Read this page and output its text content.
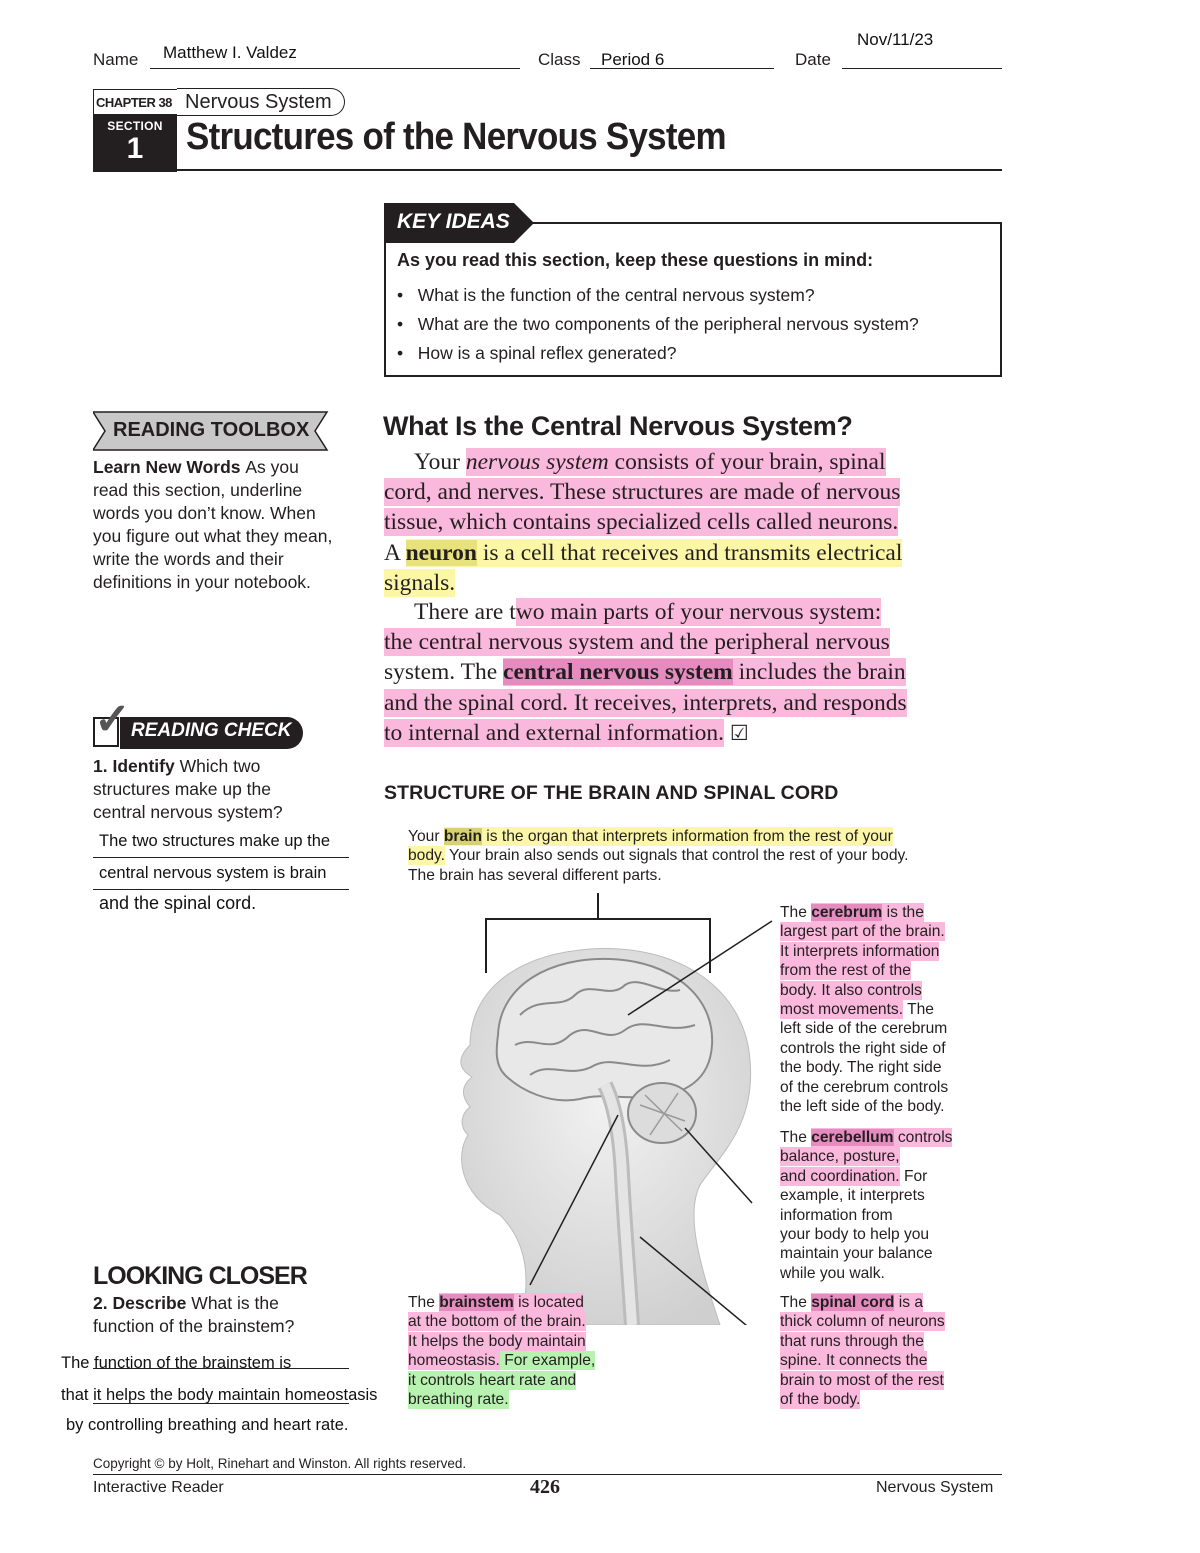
Name Matthew I. Valdez	Class Period 6	Date
Nov/11/23
CHAPTER 38 Nervous System
SECTION
1	Structures of the Nervous System
KEY IDEAS
As you read this section, keep these questions in mind:
•   What is the function of the central nervous system?
•   What are the two components of the peripheral nervous system?
•   How is a spinal reflex generated?
READING TOOLBOX
Learn New Words As you read this section, underline words you don’t know. When you figure out what they mean, write the words and their definitions in your notebook.
✓ READING CHECK
1. Identify Which two structures make up the central nervous system?
The two structures make up the
central nervous system is brain
and the spinal cord.
LOOKING CLOSER
2. Describe What is the function of the brainstem?
The function of the brainstem is
that it helps the body maintain homeostasis
by controlling breathing and heart rate.
What Is the Central Nervous System?
Your nervous system consists of your brain, spinal
cord, and nerves. These structures are made of nervous
tissue, which contains specialized cells called neurons.
A neuron is a cell that receives and transmits electrical
signals.
There are two main parts of your nervous system:
the central nervous system and the peripheral nervous
system. The central nervous system includes the brain
and the spinal cord. It receives, interprets, and responds
to internal and external information. ☑
STRUCTURE OF THE BRAIN AND SPINAL CORD
Your brain is the organ that interprets information from the rest of your
body. Your brain also sends out signals that control the rest of your body.
The brain has several different parts.
The cerebrum is the
largest part of the brain.
It interprets information
from the rest of the
body. It also controls
most movements. The
left side of the cerebrum
controls the right side of
the body. The right side
of the cerebrum controls
the left side of the body.
The cerebellum controls
balance, posture,
and coordination. For
example, it interprets
information from
your body to help you
maintain your balance
while you walk.
The brainstem is located
at the bottom of the brain.
It helps the body maintain
homeostasis. For example,
it controls heart rate and
breathing rate.
The spinal cord is a
thick column of neurons
that runs through the
spine. It connects the
brain to most of the rest
of the body.
Copyright © by Holt, Rinehart and Winston. All rights reserved.
Interactive Reader	426	Nervous System
